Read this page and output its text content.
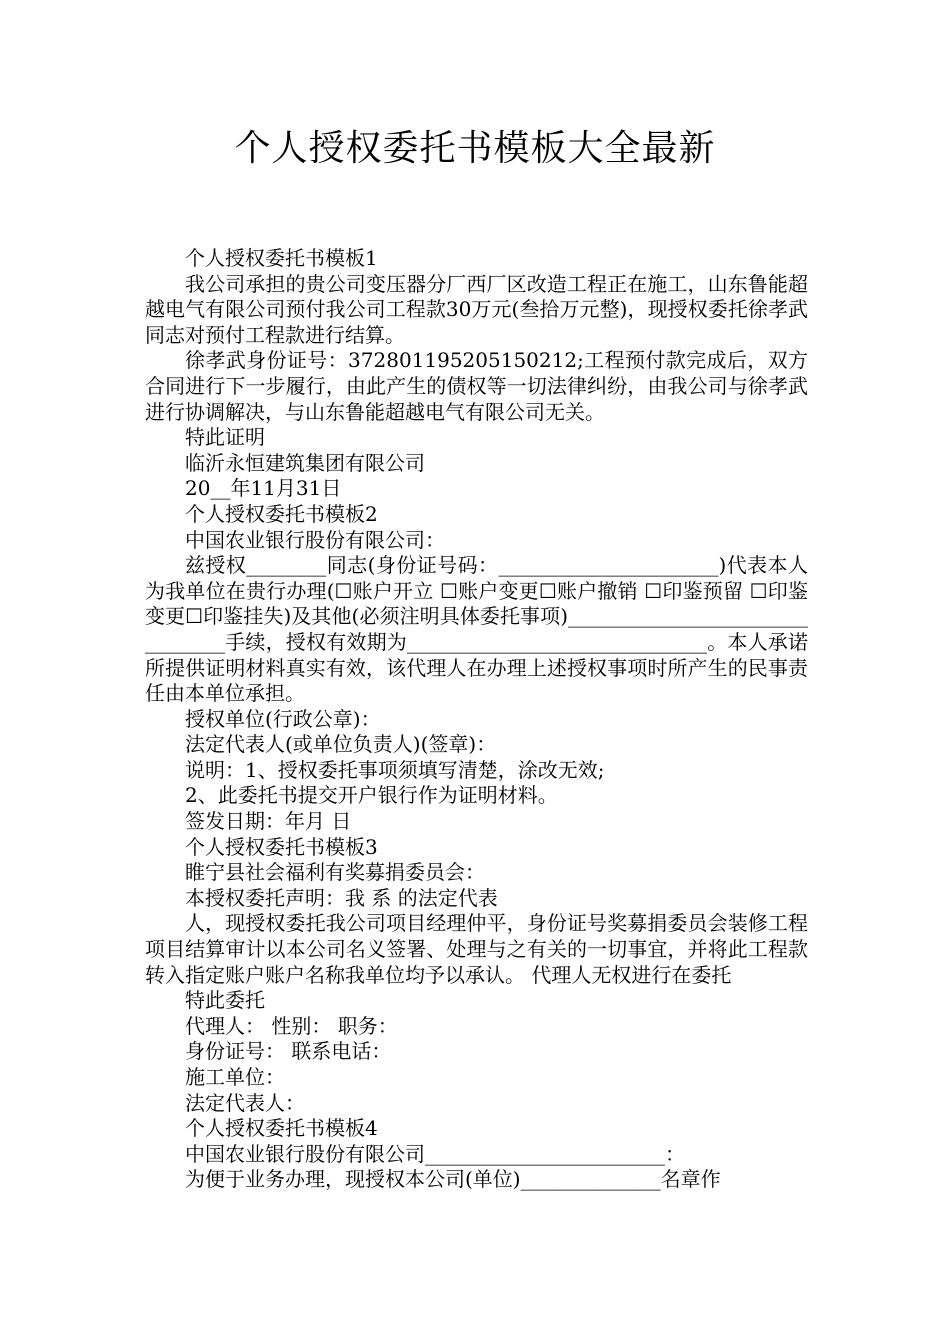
个人授权委托书模板大全最新

个人授权委托书模板1

我公司承担的贵公司变压器分厂西厂区改造工程正在施工，山东鲁能超越电气有限公司预付我公司工程款30万元(叁拾万元整)，现授权委托徐孝武同志对预付工程款进行结算。

徐孝武身份证号：372801195205150212;工程预付款完成后，双方合同进行下一步履行，由此产生的债权等一切法律纠纷，由我公司与徐孝武进行协调解决，与山东鲁能超越电气有限公司无关。

特此证明

临沂永恒建筑集团有限公司

20__年11月31日

个人授权委托书模板2

中国农业银行股份有限公司：

兹授权________同志(身份证号码：______________________)代表本人为我单位在贵行办理(☐账户开立 ☐账户变更☐账户撤销 ☐印鉴预留 ☐印鉴变更☐印鉴挂失)及其他(必须注明具体委托事项)________________________________手续，授权有效期为______________________________。本人承诺所提供证明材料真实有效，该代理人在办理上述授权事项时所产生的民事责任由本单位承担。

授权单位(行政公章)：

法定代表人(或单位负责人)(签章)：

说明：1、授权委托事项须填写清楚，涂改无效;

2、此委托书提交开户银行作为证明材料。

签发日期：年月 日

个人授权委托书模板3

睢宁县社会福利有奖募捐委员会：

本授权委托声明：我 系 的法定代表

人，现授权委托我公司项目经理仲平，身份证号奖募捐委员会装修工程项目结算审计以本公司名义签署、处理与之有关的一切事宜，并将此工程款转入指定账户账户名称我单位均予以承认。 代理人无权进行在委托

特此委托

代理人： 性别： 职务：

身份证号： 联系电话：

施工单位：

法定代表人：

个人授权委托书模板4

中国农业银行股份有限公司________________________：

为便于业务办理，现授权本公司(单位)______________名章作
